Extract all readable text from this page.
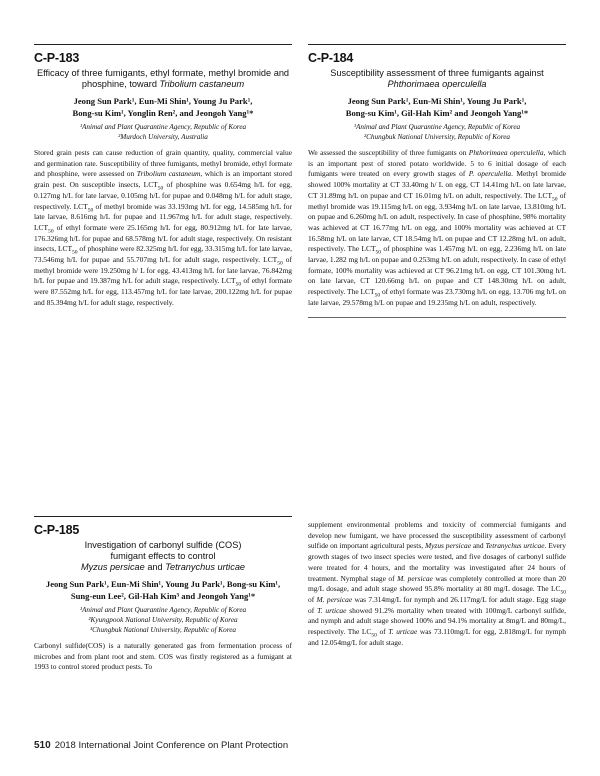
C-P-183
Efficacy of three fumigants, ethyl formate, methyl bromide and phosphine, toward Tribolium castaneum
Jeong Sun Park¹, Eun-Mi Shin¹, Young Ju Park¹,
Bong-su Kim¹, Yonglin Ren², and Jeongoh Yang¹*
¹Animal and Plant Quarantine Agency, Republic of Korea
²Murdoch University, Australia

Stored grain pests can cause reduction of grain quantity, quality, commercial value and germination rate. Susceptibility of three fumigants, methyl bromide, ethyl formate and phosphine, were assessed on Tribolium castaneum, which is an important stored grain pest. On susceptible insects, $LCT_{50}$ of phosphine was 0.654mg h/L for egg, 0.127mg h/L for late larvae, 0.105mg h/L for pupae and 0.048mg h/L for adult stage, respectively. $LCT_{50}$ of methyl bromide was 33.193mg h/L for egg, 14.585mg h/L for late larvae, 8.616mg h/L for pupae and 11.967mg h/L for adult stage, respectively. $LCT_{50}$ of ethyl formate were 25.165mg h/L for egg, 80.912mg h/L for late larvae, 176.326mg h/L for pupae and 68.578mg h/L for adult stage, respectively. On resistant insects, $LCT_{50}$ of phosphine were 82.325mg h/L for egg, 33.315mg h/L for late larvae, 73.546mg h/L for pupae and 55.707mg h/L for adult stage, respectively. $LCT_{50}$ of methyl bromide were 19.250mg h/ L for egg, 43.413mg h/L for late larvae, 76.842mg h/L for pupae and 19.387mg h/L for adult stage, respectively. $LCT_{50}$ of ethyl formate were 87.552mg h/L for egg, 113.457mg h/L for late larvae, 200.122mg h/L for pupae and 85.394mg h/L for adult stage, respectively.

C-P-184
Susceptibility assessment of three fumigants against
Phthorimaea operculella
Jeong Sun Park¹, Eun-Mi Shin¹, Young Ju Park¹,
Bong-su Kim¹, Gil-Hah Kim² and Jeongoh Yang¹*
¹Animal and Plant Quarantine Agency, Republic of Korea
²Chungbuk National University, Republic of Korea

We assessed the susceptibility of three fumigants on Phthorimaea operculella, which is an important pest of stored potato worldwide. 5 to 6 initial dosage of each fumigants were treated on every growth stages of P. operculella. Methyl bromide showed 100% mortality at CT 33.40mg h/ L on egg, CT 14.41mg h/L on late larvae, CT 31.89mg h/L on pupae and CT 16.01mg h/L on adult, respectively. The $LCT_{50}$ of methyl bromide was 19.115mg h/L on egg, 3.934mg h/L on late larvae, 13.810mg h/L on pupae and 6.260mg h/L on adult, respectively. In case of phosphine, 98% mortality was achieved at CT 16.77mg h/L on egg, and 100% mortality was achieved at CT 16.58mg h/L on late larvae, CT 18.54mg h/L on pupae and CT 12.28mg h/L on adult, respectively. The $LCT_{50}$ of phosphine was 1.457mg h/L on egg, 2.236mg h/L on late larvae, 1.282 mg h/L on pupae and 0.253mg h/L on adult, respectively. In case of ethyl formate, 100% mortality was achieved at CT 96.21mg h/L on egg, CT 101.30mg h/L on late larvae, CT 120.66mg h/L on pupae and CT 148.30mg h/L on adult, respectively. The $LCT_{50}$ of ethyl formate was 23.730mg h/L on egg, 13.706 mg h/L on late larvae, 29.578mg h/L on pupae and 19.235mg h/L on adult, respectively.

C-P-185
Investigation of carbonyl sulfide (COS)
fumigant effects to control
Myzus persicae and Tetranychus urticae
Jeong Sun Park¹, Eun-Mi Shin¹, Young Ju Park¹, Bong-su Kim¹,
Sung-eun Lee², Gil-Hah Kim³ and Jeongoh Yang¹*
¹Animal and Plant Quarantine Agency, Republic of Korea
²Kyungpook National University, Republic of Korea
³Chungbuk National University, Republic of Korea

Carbonyl sulfide(COS) is a naturally generated gas from fermentation process of microbes and from plant root and stem. COS was firstly registered as a fumigant at 1993 to control stored product pests. To

supplement environmental problems and toxicity of commercial fumigants and develop new fumigant, we have processed the susceptibility assessment of carbonyl sulfide on important agricultural pests, Myzus persicae and Tetranychus urticae. Every growth stages of two insect species were tested, and five dosages of carbonyl sulfide were treated for 4 hours, and the mortality was investigated after 24 hours of treatment. Nymphal stage of M. persicae was completely controlled at more than 20 mg/L dosage, and adult stage showed 95.8% mortality at 80 mg/L dosage. The $LC_{50}$ of M. persicae was 7.314mg/L for nymph and 26.117mg/L for adult stage. Egg stage of T. urticae showed 91.2% mortality when treated with 100mg/L carbonyl sulfide, and nymph and adult stage showed 100% and 94.1% mortality at 8mg/L and 80mg/L, respectively. The $LC_{50}$ of T. urticae was 73.110mg/L for egg, 2.818mg/L for nymph and 12.054mg/L for adult stage.

510 2018 International Joint Conference on Plant Protection
